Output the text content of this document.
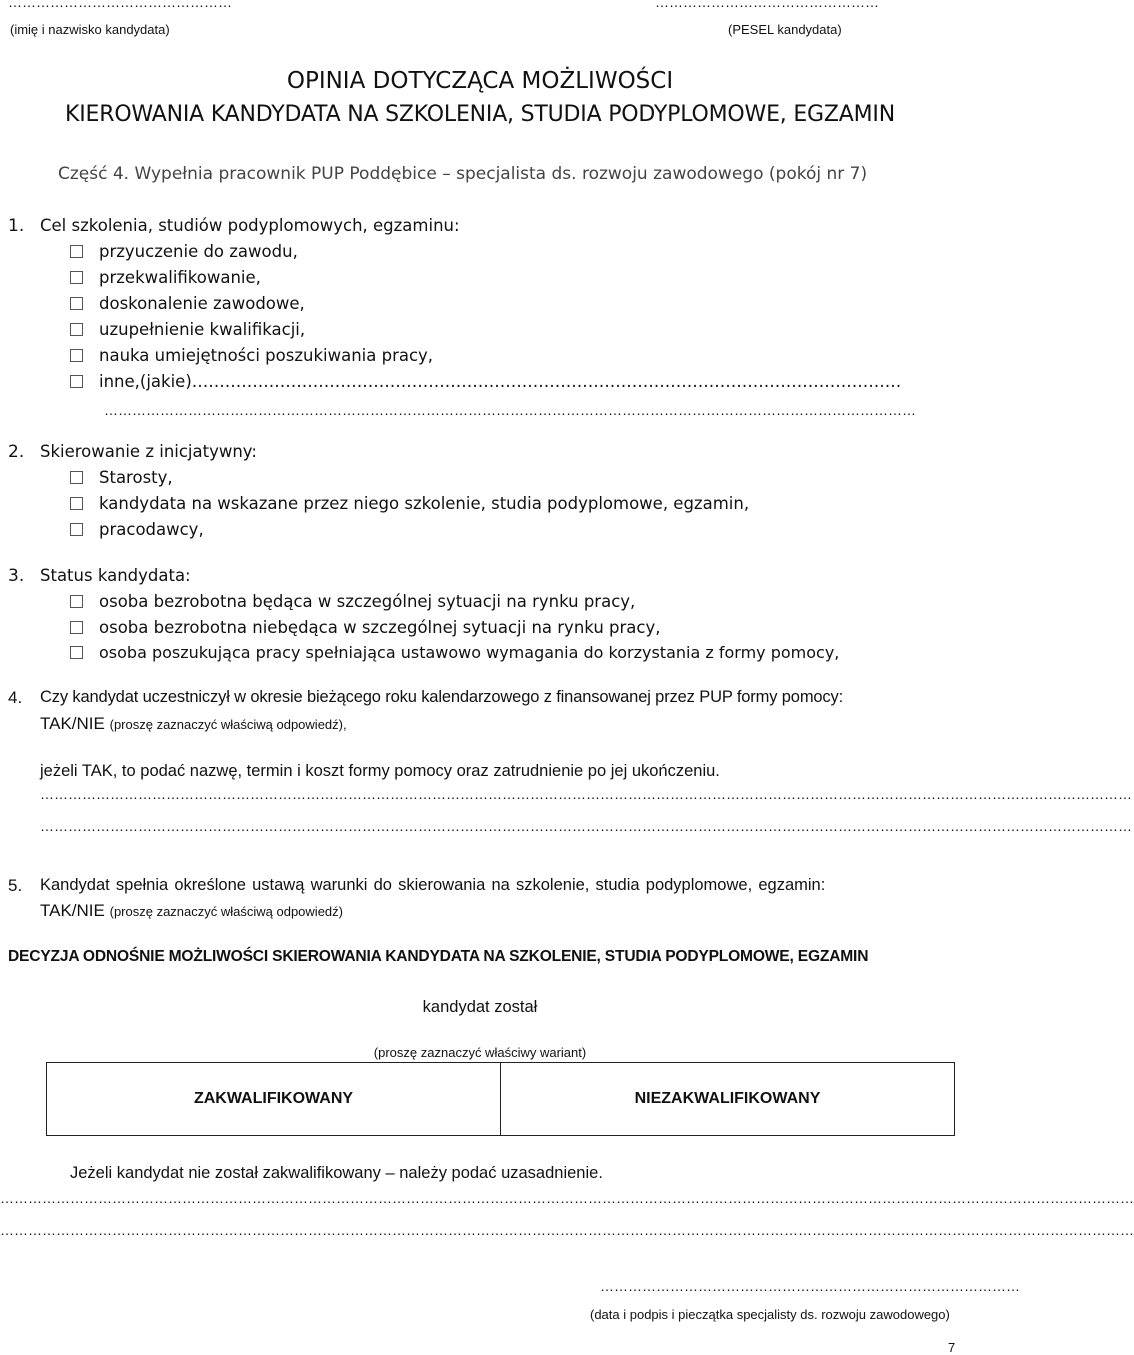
…………………………………………	…………………………………………
(imię i nazwisko kandydata)	(PESEL kandydata)
OPINIA DOTYCZĄCA MOŻLIWOŚCI
KIEROWANIA KANDYDATA NA SZKOLENIA, STUDIA PODYPLOMOWE, EGZAMIN
Część 4. Wypełnia pracownik PUP Poddębice – specjalista ds. rozwoju zawodowego (pokój nr 7)
1. Cel szkolenia, studiów podyplomowych, egzaminu:
przyuczenie do zawodu,
przekwalifikowanie,
doskonalenie zawodowe,
uzupełnienie kwalifikacji,
nauka umiejętności poszukiwania pracy,
inne,(jakie)…………………………………………………………………………………………………………………
…………………………………………………………………………………………………………………………………………………………
2. Skierowanie z inicjatywny:
Starosty,
kandydata na wskazane przez niego szkolenie, studia podyplomowe, egzamin,
pracodawcy,
3. Status kandydata:
osoba bezrobotna będąca w szczególnej sytuacji na rynku pracy,
osoba bezrobotna niebędąca w szczególnej sytuacji na rynku pracy,
osoba poszukująca pracy spełniająca ustawowo wymagania do korzystania z formy pomocy,
4. Czy kandydat uczestniczył w okresie bieżącego roku kalendarzowego z finansowanej przez PUP formy pomocy:
TAK/NIE (proszę zaznaczyć właściwą odpowiedź),
jeżeli TAK, to podać nazwę, termin i koszt formy pomocy oraz zatrudnienie po jej ukończeniu.
………………………………………………………………………………………………………………………………………………………………………………………………………………
………………………………………………………………………………………………………………………………………………………………………………………………………………
5. Kandydat spełnia określone ustawą warunki do skierowania na szkolenie, studia podyplomowe, egzamin:
TAK/NIE (proszę zaznaczyć właściwą odpowiedź)
DECYZJA ODNOŚNIE MOŻLIWOŚCI SKIEROWANIA KANDYDATA NA SZKOLENIE, STUDIA PODYPLOMOWE, EGZAMIN
kandydat został
(proszę zaznaczyć właściwy wariant)
ZAKWALIFIKOWANY	NIEZAKWALIFIKOWANY
Jeżeli kandydat nie został zakwalifikowany – należy podać uzasadnienie.
………………………………………………………………………………………………………………………………………………………………………………………………………………………
………………………………………………………………………………………………………………………………………………………………………………………………………………………
………………………………………………………………………………
(data i podpis i pieczątka specjalisty ds. rozwoju zawodowego)
7
